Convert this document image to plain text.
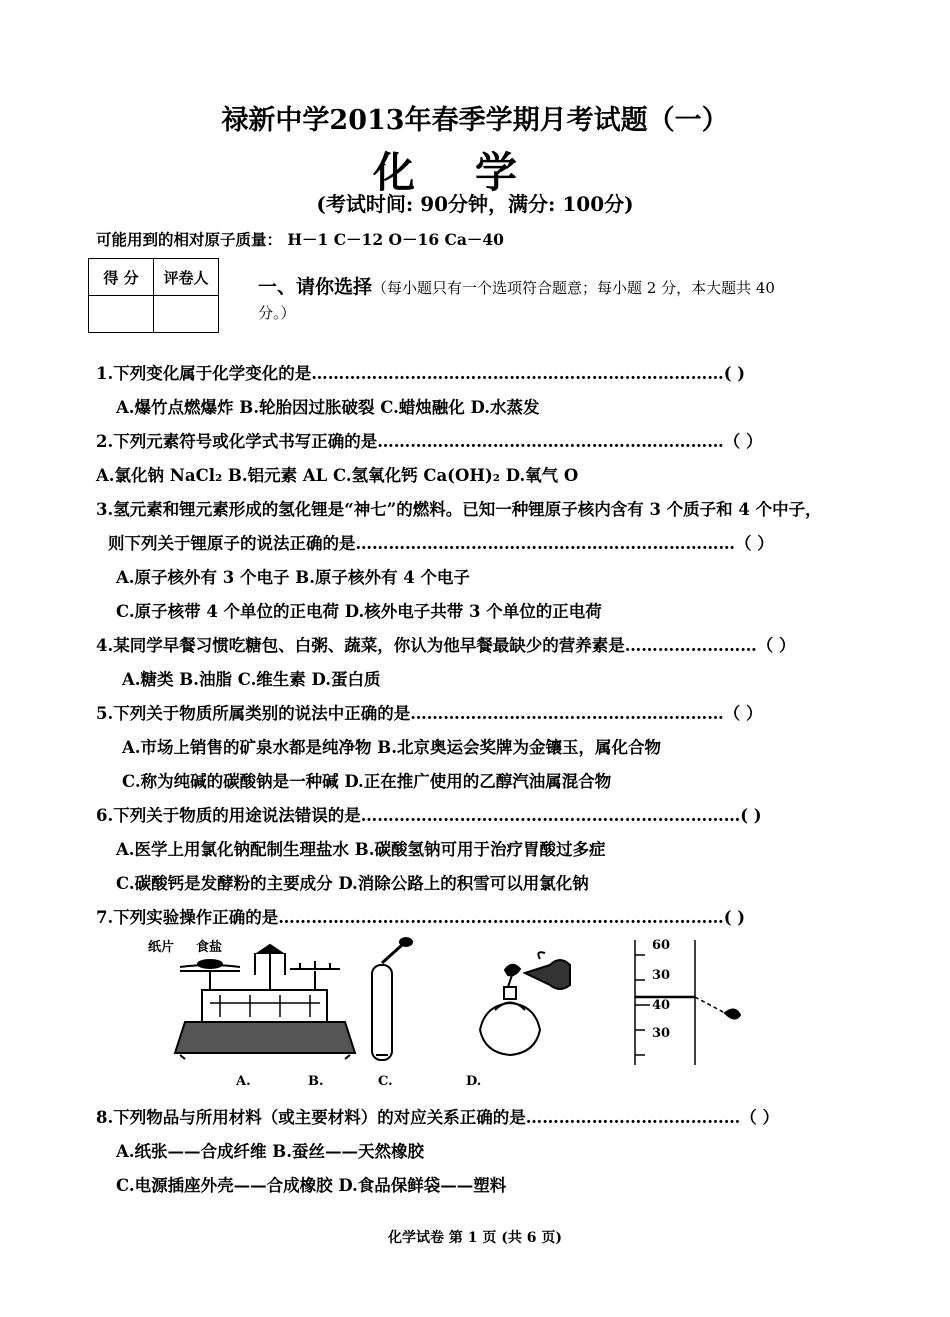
禄新中学2013年春季学期月考试题（一）
化学
(考试时间: 90分钟，满分: 100分)
可能用到的相对原子质量： H－1 C－12 O－16 Ca－40
得 分	评卷人
		一、请你选择（每小题只有一个选项符合题意；每小题 2 分，本大题共 40
分。）
1.下列变化属于化学变化的是…………………………………………………………………( )
A.爆竹点燃爆炸 B.轮胎因过胀破裂 C.蜡烛融化 D.水蒸发
2.下列元素符号或化学式书写正确的是………………………………………………………（ ）
A.氯化钠 NaCl₂ B.铝元素 AL C.氢氧化钙 Ca(OH)₂ D.氧气 O
3.氢元素和锂元素形成的氢化锂是“神七”的燃料。已知一种锂原子核内含有 3 个质子和 4 个中子，
则下列关于锂原子的说法正确的是……………………………………………………………（ ）
A.原子核外有 3 个电子 B.原子核外有 4 个电子
C.原子核带 4 个单位的正电荷 D.核外电子共带 3 个单位的正电荷
4.某同学早餐习惯吃糖包、白粥、蔬菜，你认为他早餐最缺少的营养素是……………………（ ）
A.糖类 B.油脂 C.维生素 D.蛋白质
5.下列关于物质所属类别的说法中正确的是…………………………………………………（ ）
A.市场上销售的矿泉水都是纯净物 B.北京奥运会奖牌为金镶玉，属化合物
C.称为纯碱的碳酸钠是一种碱 D.正在推广使用的乙醇汽油属混合物
6.下列关于物质的用途说法错误的是……………………………………………………………( )
A.医学上用氯化钠配制生理盐水 B.碳酸氢钠可用于治疗胃酸过多症
C.碳酸钙是发酵粉的主要成分 D.消除公路上的积雪可以用氯化钠
7.下列实验操作正确的是………………………………………………………………………( )
纸片 食盐	60
30
40
30
A.	B.	C.	D.
8.下列物品与所用材料（或主要材料）的对应关系正确的是…………………………………（ ）
A.纸张——合成纤维 B.蚕丝——天然橡胶
C.电源插座外壳——合成橡胶 D.食品保鲜袋——塑料
化学试卷 第 1 页 (共 6 页)
